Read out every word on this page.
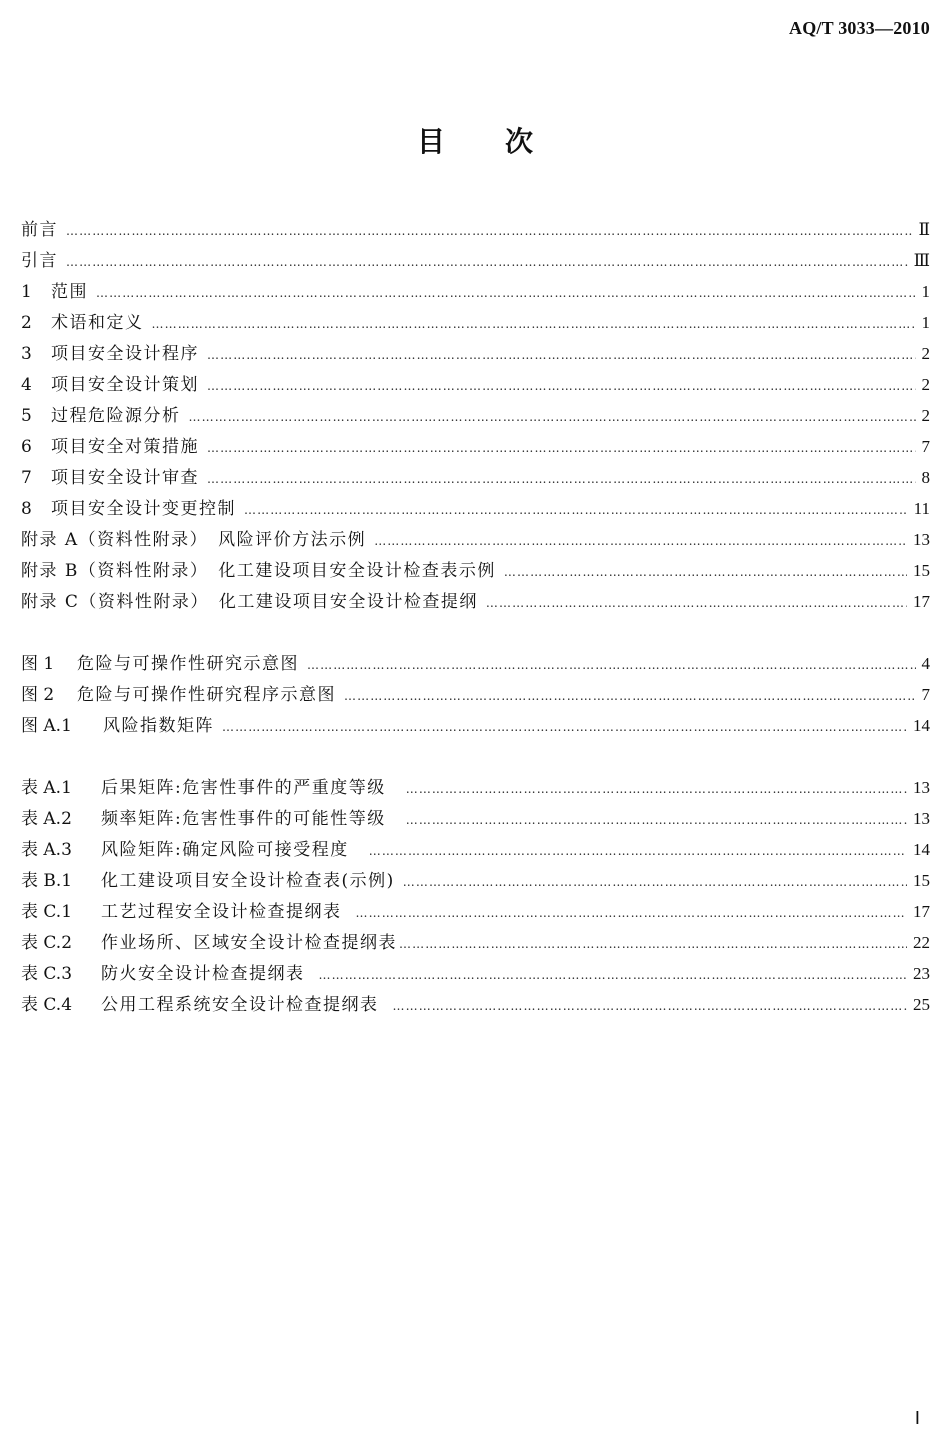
AQ/T 3033—2010
目次
前言 ………………………………………………………………………………………………………………………………………………………………………………………………………………………………	Ⅱ
引言 ………………………………………………………………………………………………………………………………………………………………………………………………………………………………	Ⅲ
1	范围 ………………………………………………………………………………………………………………………………………………………………………………………………………………………………	1
2	术语和定义 ………………………………………………………………………………………………………………………………………………………………………………………………………………………………	1
3	项目安全设计程序 ………………………………………………………………………………………………………………………………………………………………………………………………………………………………	2
4	项目安全设计策划 ………………………………………………………………………………………………………………………………………………………………………………………………………………………………	2
5	过程危险源分析 ………………………………………………………………………………………………………………………………………………………………………………………………………………………………	2
6	项目安全对策措施 ………………………………………………………………………………………………………………………………………………………………………………………………………………………………	7
7	项目安全设计审查 ………………………………………………………………………………………………………………………………………………………………………………………………………………………………	8
8	项目安全设计变更控制 ………………………………………………………………………………………………………………………………………………………………………………………………………………………………	11
附录 A（资料性附录）　风险评价方法示例 ………………………………………………………………………………………………………………………………………………………………………………………………………………………………	13
附录 B（资料性附录）　化工建设项目安全设计检查表示例 ………………………………………………………………………………………………………………………………………………………………………………………………………………………………	15
附录 C（资料性附录）　化工建设项目安全设计检查提纲 ………………………………………………………………………………………………………………………………………………………………………………………………………………………………	17
图 1	危险与可操作性研究示意图 ………………………………………………………………………………………………………………………………………………………………………………………………………………………………	4
图 2	危险与可操作性研究程序示意图 ………………………………………………………………………………………………………………………………………………………………………………………………………………………………	7
图 A.1	风险指数矩阵 ………………………………………………………………………………………………………………………………………………………………………………………………………………………………	14
表 A.1	后果矩阵:危害性事件的严重度等级 ………………………………………………………………………………………………………………………………………………………………………………………………………………………………	13
表 A.2	频率矩阵:危害性事件的可能性等级 ………………………………………………………………………………………………………………………………………………………………………………………………………………………………	13
表 A.3	风险矩阵:确定风险可接受程度 ………………………………………………………………………………………………………………………………………………………………………………………………………………………………	14
表 B.1	化工建设项目安全设计检查表(示例) ………………………………………………………………………………………………………………………………………………………………………………………………………………………………	15
表 C.1	工艺过程安全设计检查提纲表 ………………………………………………………………………………………………………………………………………………………………………………………………………………………………	17
表 C.2	作业场所、区域安全设计检查提纲表 ………………………………………………………………………………………………………………………………………………………………………………………………………………………………	22
表 C.3	防火安全设计检查提纲表 ………………………………………………………………………………………………………………………………………………………………………………………………………………………………	23
表 C.4	公用工程系统安全设计检查提纲表 ………………………………………………………………………………………………………………………………………………………………………………………………………………………………	25
Ⅰ
